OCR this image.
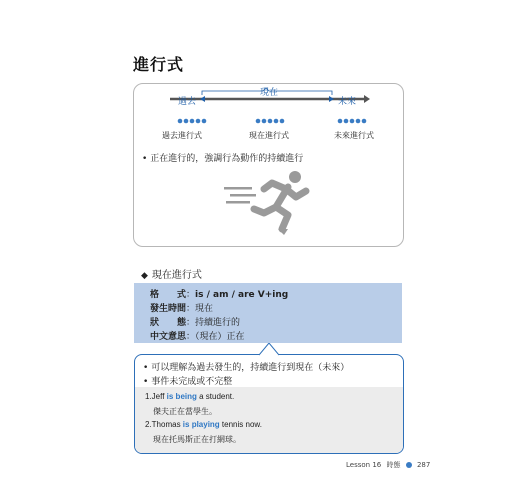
進行式
過去
現在
未來
過去進行式	現在進行式	未來進行式
• 正在進行的，強調行為動作的持續進行
◆ 現在進行式
格　　式：is / am / are V+ing
發生時間：現在
狀　　態：持續進行的
中文意思：（現在）正在
• 可以理解為過去發生的，持續進行到現在（未來）
• 事件未完成或不完整
1.Jeff is being a student.
傑夫正在當學生。
2.Thomas is playing tennis now.
現在托馬斯正在打網球。
Lesson 16 時態 287
